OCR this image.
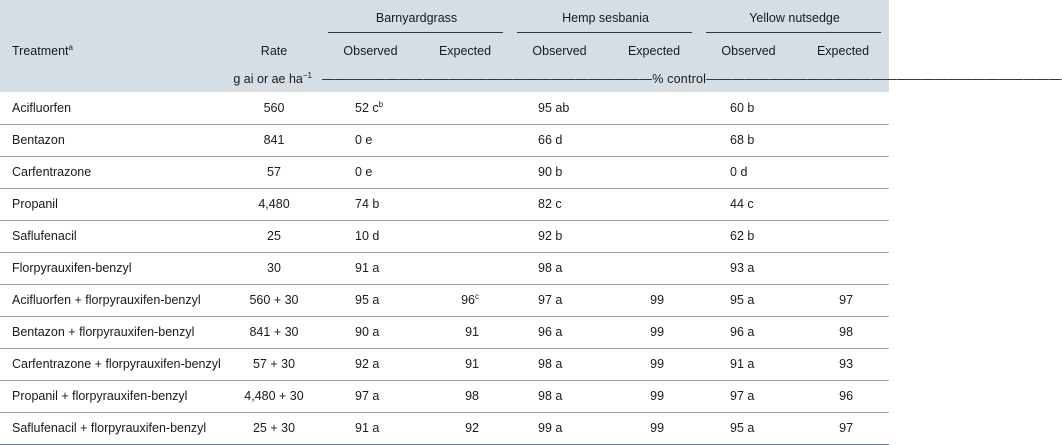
		Barnyardgrass		Hemp sesbania		Yellow nutsedge	

Treatment$^a$	Rate	Observed	Expected	Observed	Expected	Observed	Expected
g ai or ae $ha^{-1}$		——————————————————————————% control————————————————————————————					
Acifluorfen	560	52 $c^b$		95 ab		60 b	
Bentazon	841	0 e		66 d		68 b	
Carfentrazone	57	0 e		90 b		0 d	
Propanil	4,480	74 b		82 c		44 c	
Saflufenacil	25	10 d		92 b		62 b	
Florpyrauxifen-benzyl	30	91 a		98 a		93 a	
Acifluorfen + florpyrauxifen-benzyl	560 + 30	95 a	96$^c$	97 a	99	95 a	97
Bentazon + florpyrauxifen-benzyl	841 + 30	90 a	91	96 a	99	96 a	98
Carfentrazone + florpyrauxifen-benzyl	57 + 30	92 a	91	98 a	99	91 a	93
Propanil + florpyrauxifen-benzyl	4,480 + 30	97 a	98	98 a	99	97 a	96
Saflufenacil + florpyrauxifen-benzyl	25 + 30	91 a	92	99 a	99	95 a	97
